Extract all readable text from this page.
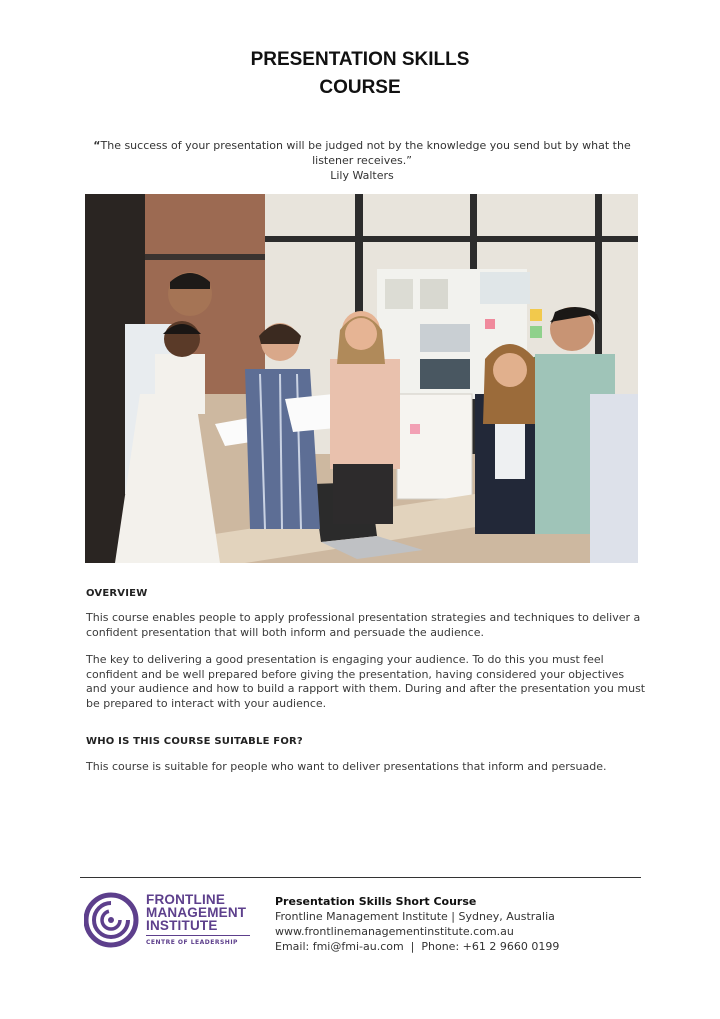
PRESENTATION SKILLS
COURSE
“The success of your presentation will be judged not by the knowledge you send but by what the listener receives.”
Lily Walters
OVERVIEW
This course enables people to apply professional presentation strategies and techniques to deliver a confident presentation that will both inform and persuade the audience.
The key to delivering a good presentation is engaging your audience. To do this you must feel confident and be well prepared before giving the presentation, having considered your objectives and your audience and how to build a rapport with them. During and after the presentation you must be prepared to interact with your audience.
WHO IS THIS COURSE SUITABLE FOR?
This course is suitable for people who want to deliver presentations that inform and persuade.
FRONTLINE
MANAGEMENT
INSTITUTE
CENTRE OF LEADERSHIP
Presentation Skills Short Course
Frontline Management Institute | Sydney, Australia
www.frontlinemanagementinstitute.com.au
Email: fmi@fmi-au.com  |  Phone: +61 2 9660 0199
